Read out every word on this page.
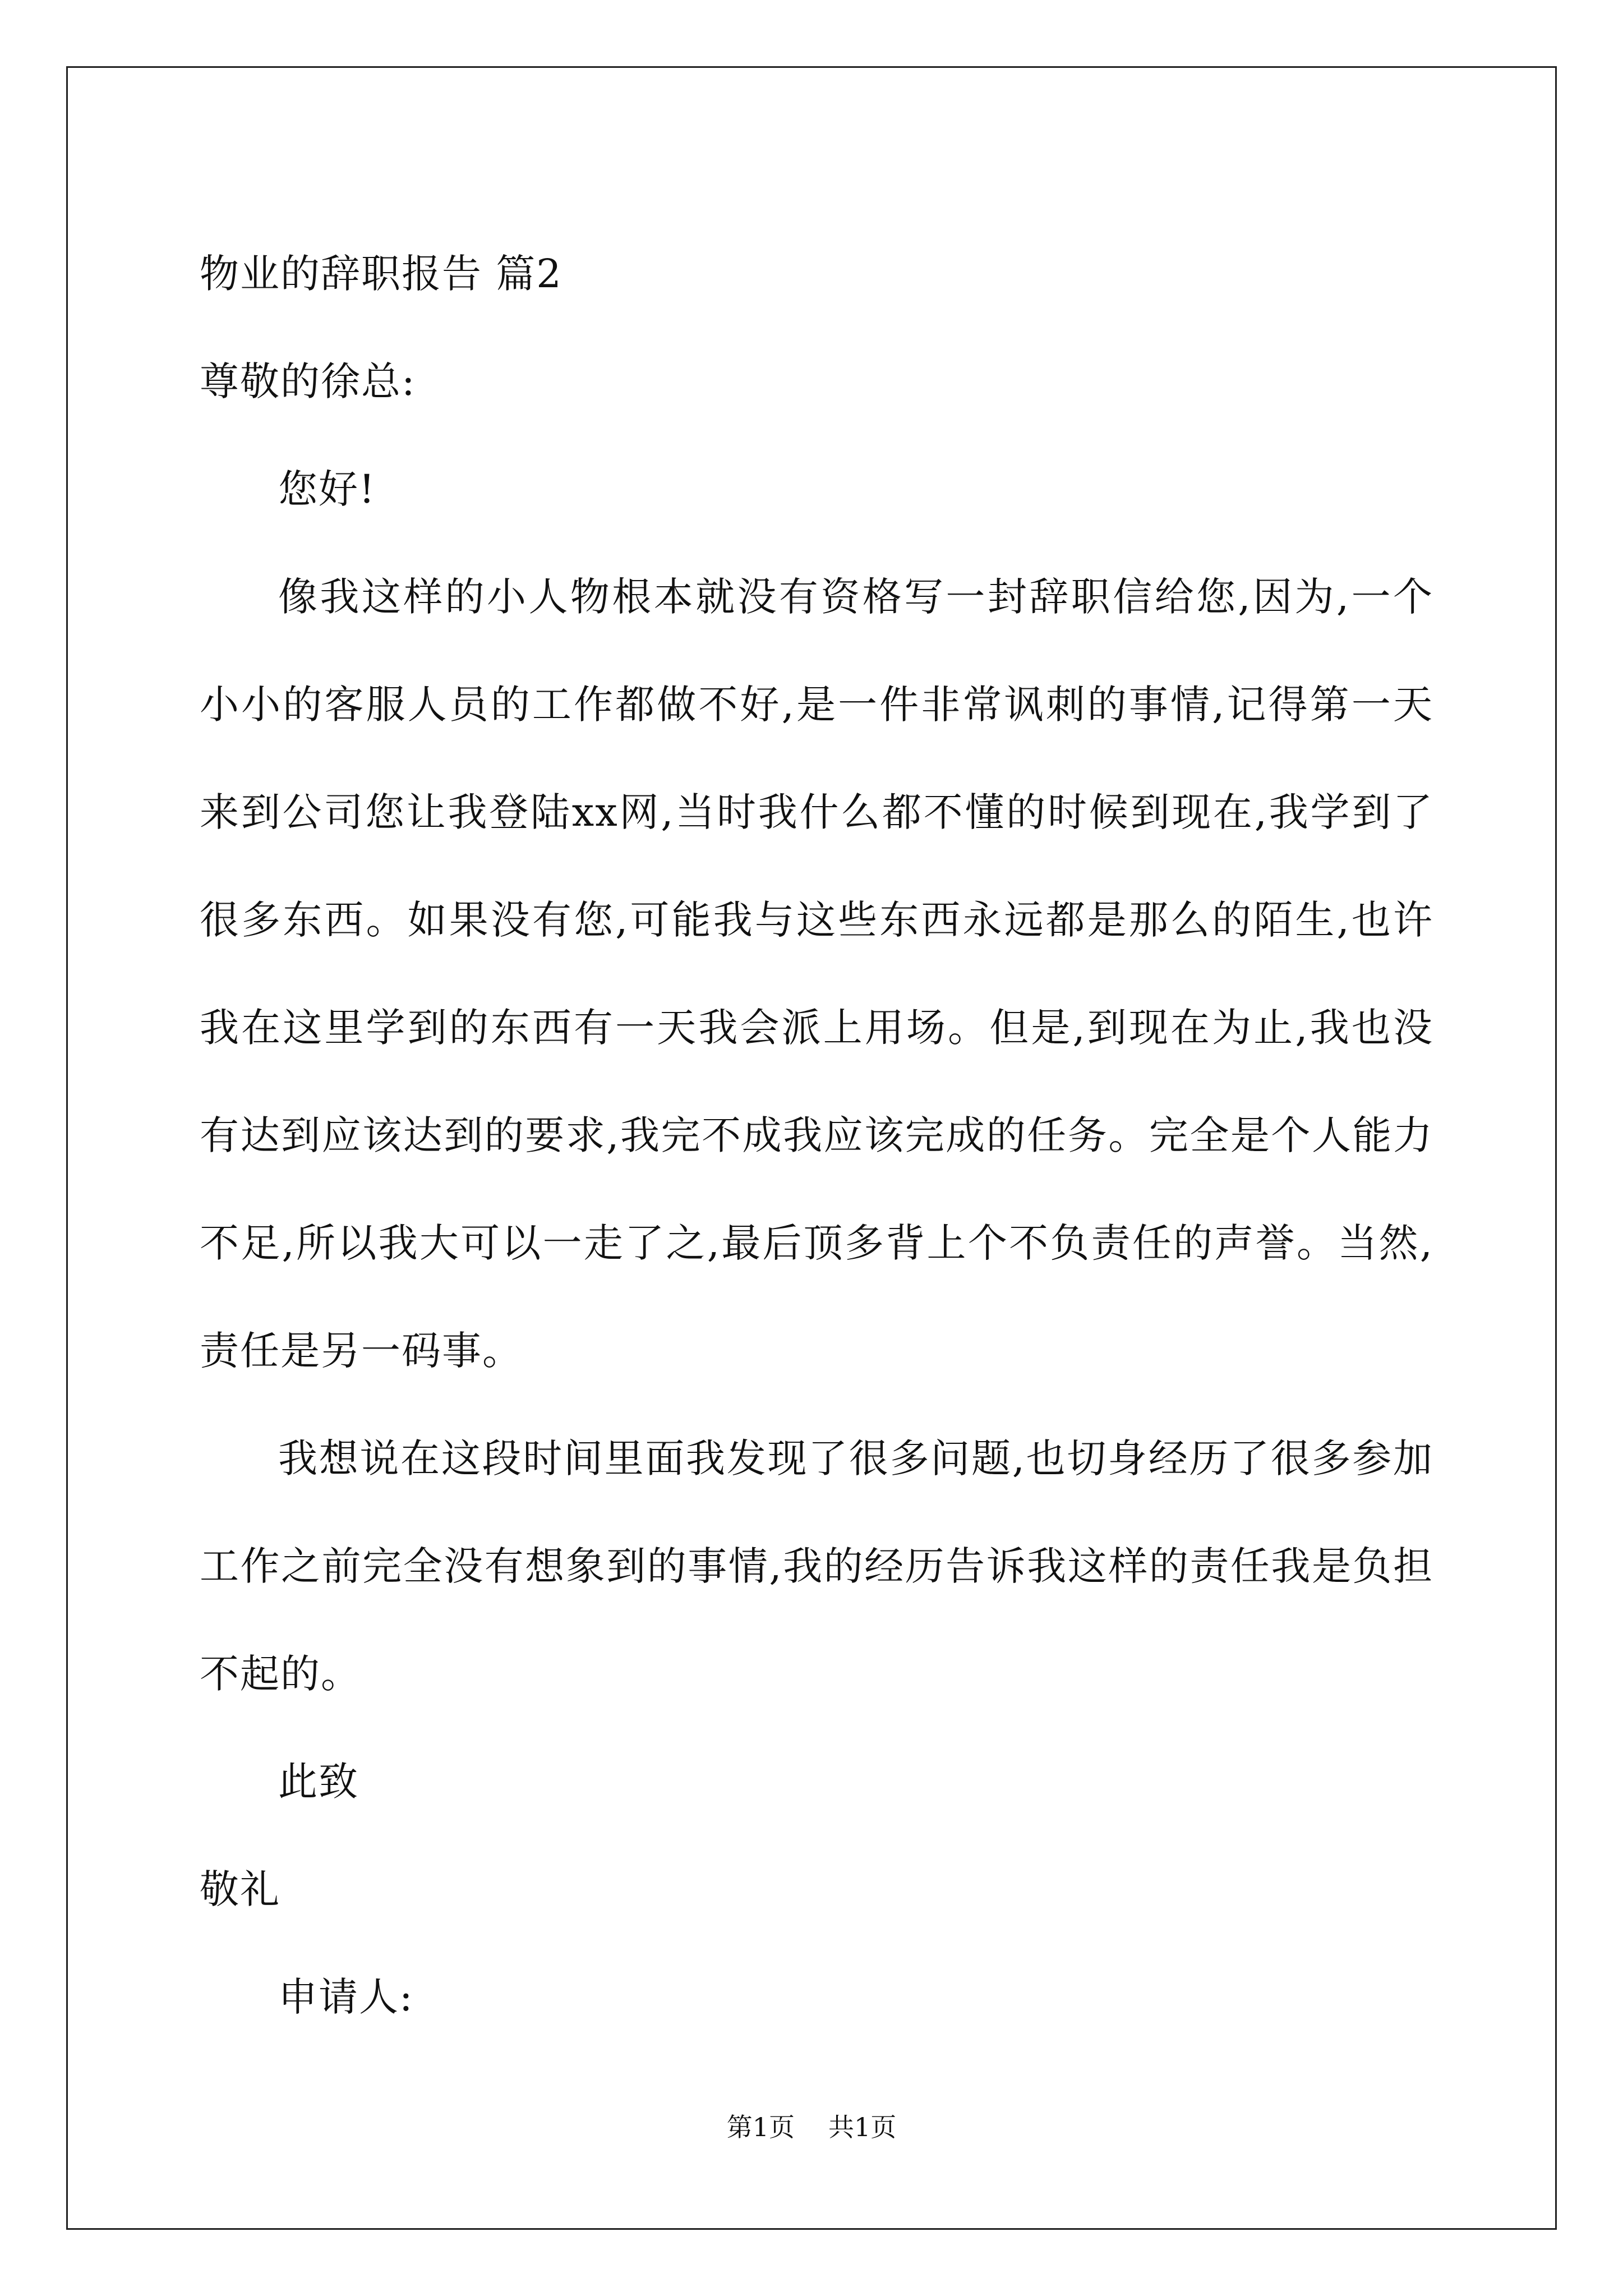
物业的辞职报告 篇2
尊敬的徐总:
您好!

像我这样的小人物根本就没有资格写一封辞职信给您,因为,一个小小的客服人员的工作都做不好,是一件非常讽刺的事情,记得第一天来到公司您让我登陆xx网,当时我什么都不懂的时候到现在,我学到了很多东西。如果没有您,可能我与这些东西永远都是那么的陌生,也许我在这里学到的东西有一天我会派上用场。但是,到现在为止,我也没有达到应该达到的要求,我完不成我应该完成的任务。完全是个人能力不足,所以我大可以一走了之,最后顶多背上个不负责任的声誉。当然,责任是另一码事。

我想说在这段时间里面我发现了很多问题,也切身经历了很多参加工作之前完全没有想象到的事情,我的经历告诉我这样的责任我是负担不起的。

此致
敬礼
申请人:
第1页 共1页
